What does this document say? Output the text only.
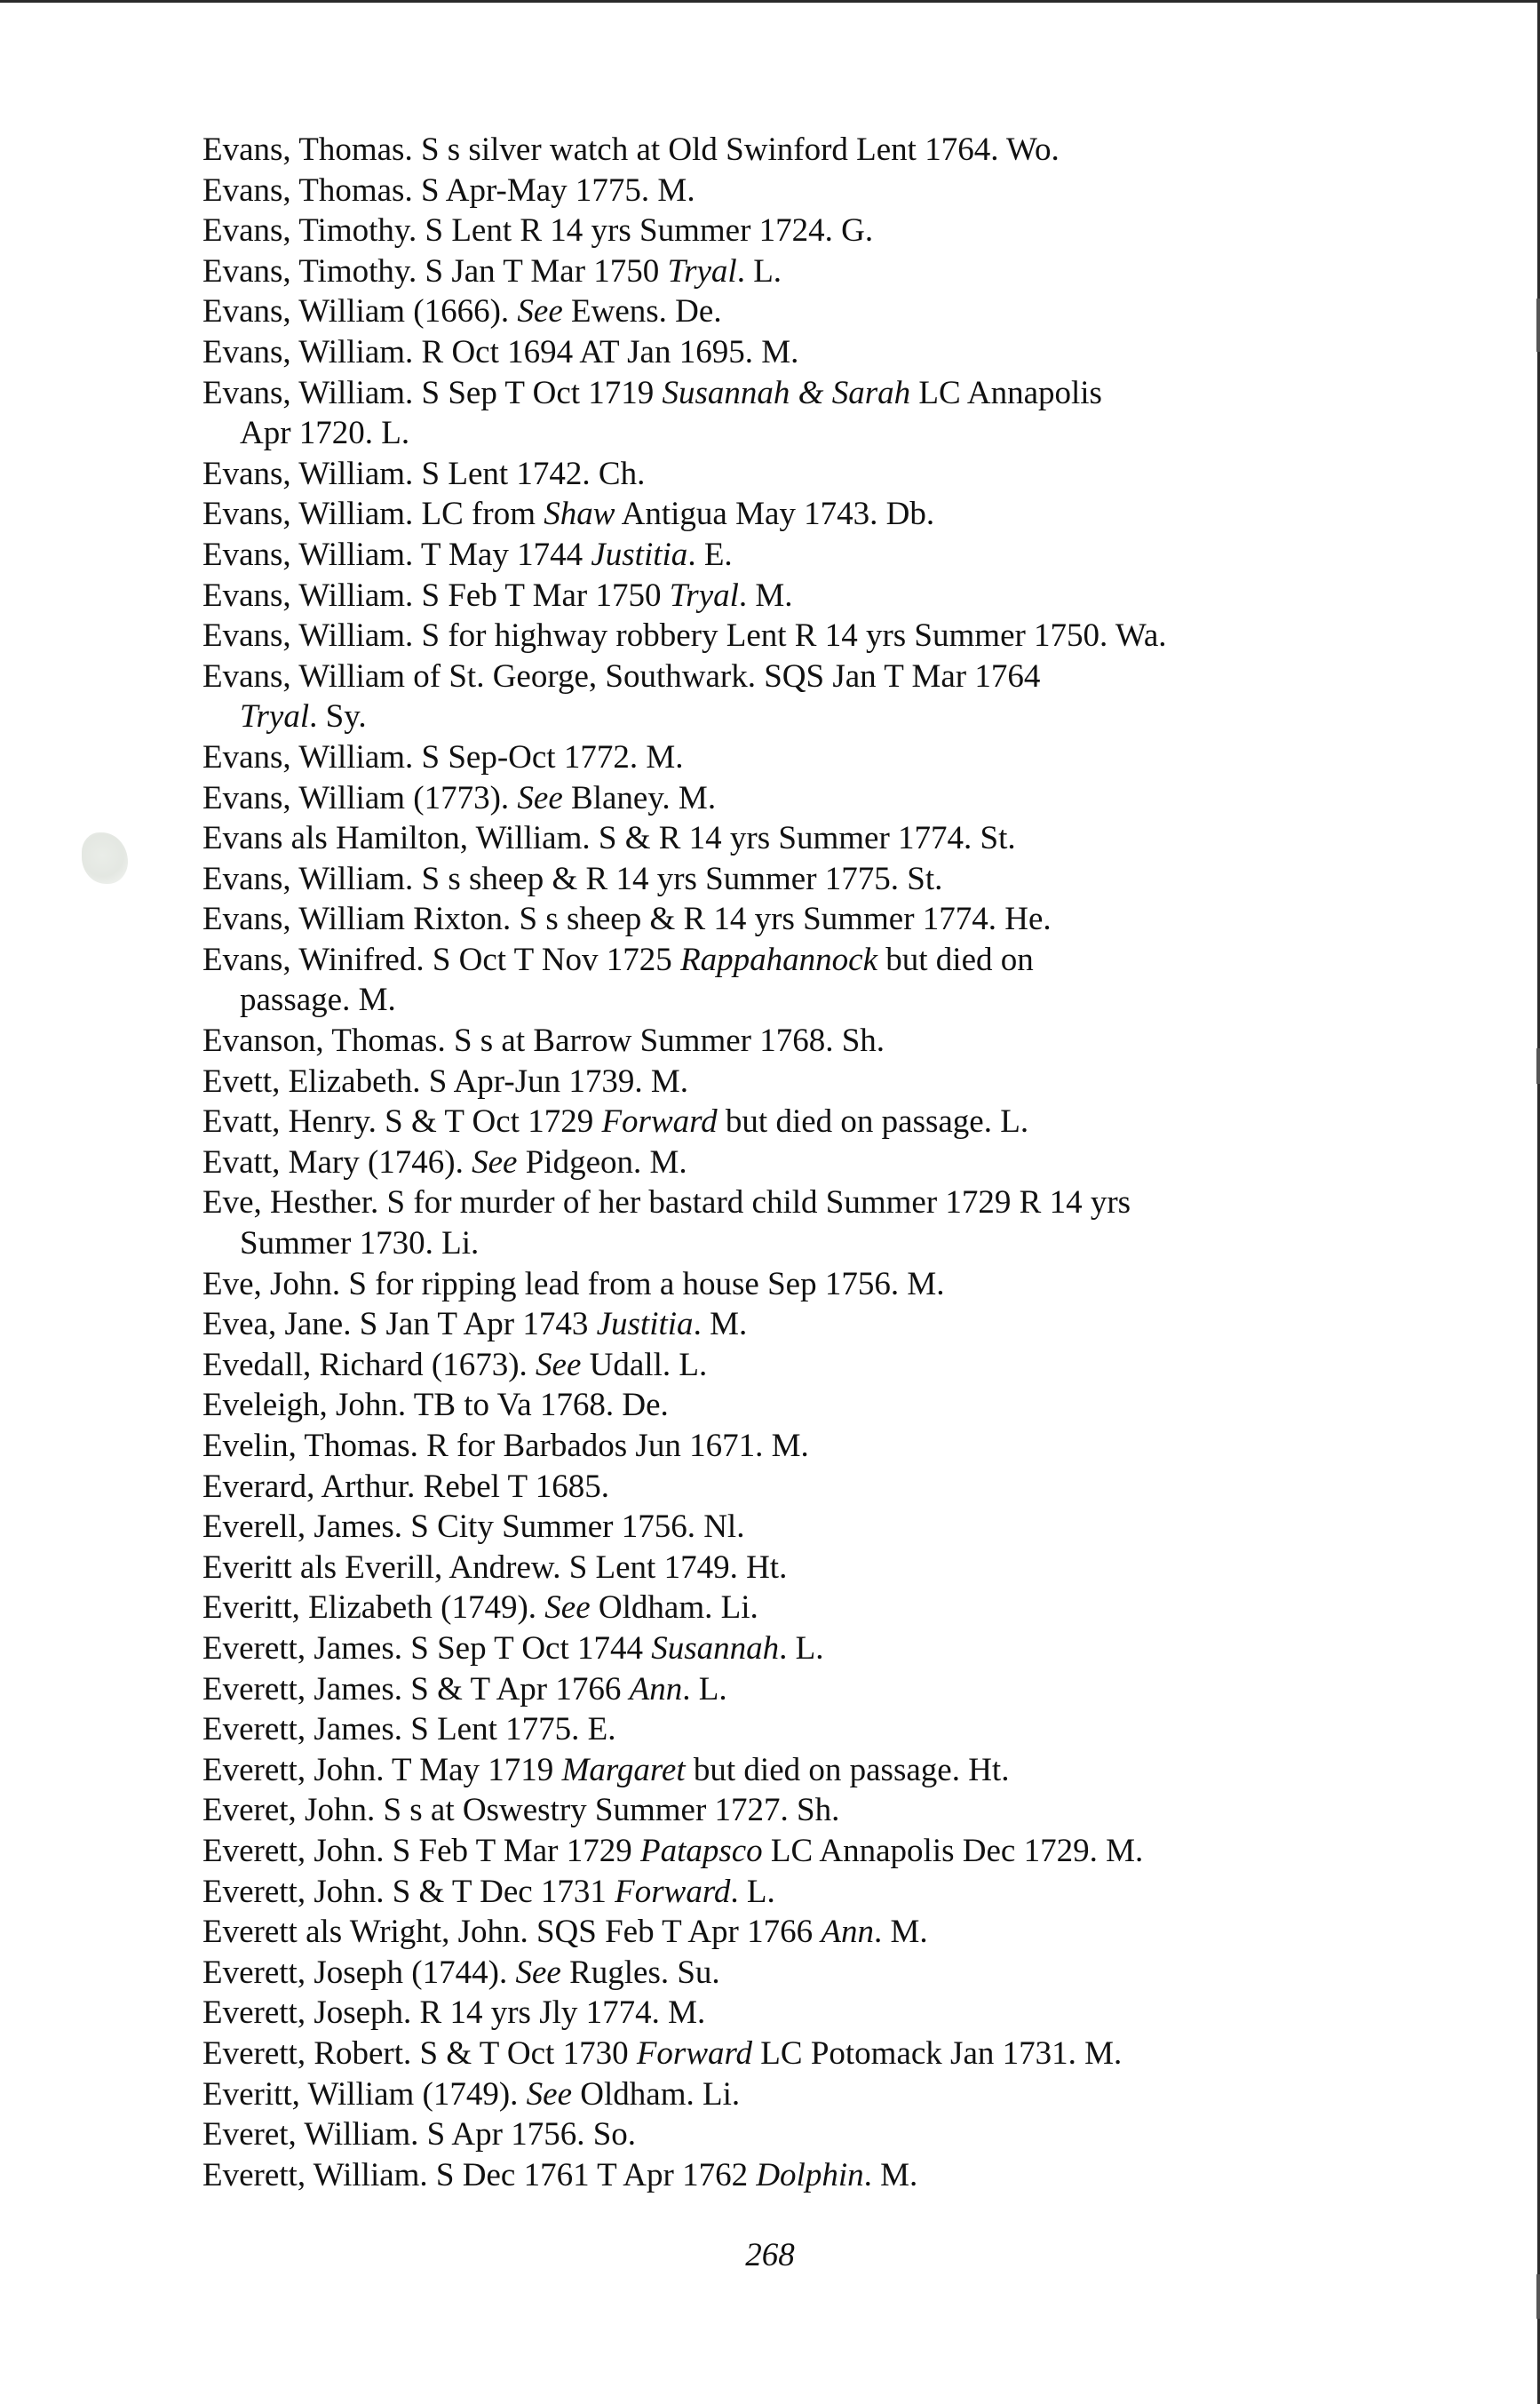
Evans, Thomas. S s silver watch at Old Swinford Lent 1764. Wo.
Evans, Thomas. S Apr-May 1775. M.
Evans, Timothy. S Lent R 14 yrs Summer 1724. G.
Evans, Timothy. S Jan T Mar 1750 Tryal. L.
Evans, William (1666). See Ewens. De.
Evans, William. R Oct 1694 AT Jan 1695. M.
Evans, William. S Sep T Oct 1719 Susannah & Sarah LC Annapolis
Apr 1720. L.
Evans, William. S Lent 1742. Ch.
Evans, William. LC from Shaw Antigua May 1743. Db.
Evans, William. T May 1744 Justitia. E.
Evans, William. S Feb T Mar 1750 Tryal. M.
Evans, William. S for highway robbery Lent R 14 yrs Summer 1750. Wa.
Evans, William of St. George, Southwark. SQS Jan T Mar 1764
Tryal. Sy.
Evans, William. S Sep-Oct 1772. M.
Evans, William (1773). See Blaney. M.
Evans als Hamilton, William. S & R 14 yrs Summer 1774. St.
Evans, William. S s sheep & R 14 yrs Summer 1775. St.
Evans, William Rixton. S s sheep & R 14 yrs Summer 1774. He.
Evans, Winifred. S Oct T Nov 1725 Rappahannock but died on
passage. M.
Evanson, Thomas. S s at Barrow Summer 1768. Sh.
Evett, Elizabeth. S Apr-Jun 1739. M.
Evatt, Henry. S & T Oct 1729 Forward but died on passage. L.
Evatt, Mary (1746). See Pidgeon. M.
Eve, Hesther. S for murder of her bastard child Summer 1729 R 14 yrs
Summer 1730. Li.
Eve, John. S for ripping lead from a house Sep 1756. M.
Evea, Jane. S Jan T Apr 1743 Justitia. M.
Evedall, Richard (1673). See Udall. L.
Eveleigh, John. TB to Va 1768. De.
Evelin, Thomas. R for Barbados Jun 1671. M.
Everard, Arthur. Rebel T 1685.
Everell, James. S City Summer 1756. Nl.
Everitt als Everill, Andrew. S Lent 1749. Ht.
Everitt, Elizabeth (1749). See Oldham. Li.
Everett, James. S Sep T Oct 1744 Susannah. L.
Everett, James. S & T Apr 1766 Ann. L.
Everett, James. S Lent 1775. E.
Everett, John. T May 1719 Margaret but died on passage. Ht.
Everet, John. S s at Oswestry Summer 1727. Sh.
Everett, John. S Feb T Mar 1729 Patapsco LC Annapolis Dec 1729. M.
Everett, John. S & T Dec 1731 Forward. L.
Everett als Wright, John. SQS Feb T Apr 1766 Ann. M.
Everett, Joseph (1744). See Rugles. Su.
Everett, Joseph. R 14 yrs Jly 1774. M.
Everett, Robert. S & T Oct 1730 Forward LC Potomack Jan 1731. M.
Everitt, William (1749). See Oldham. Li.
Everet, William. S Apr 1756. So.
Everett, William. S Dec 1761 T Apr 1762 Dolphin. M.
268
